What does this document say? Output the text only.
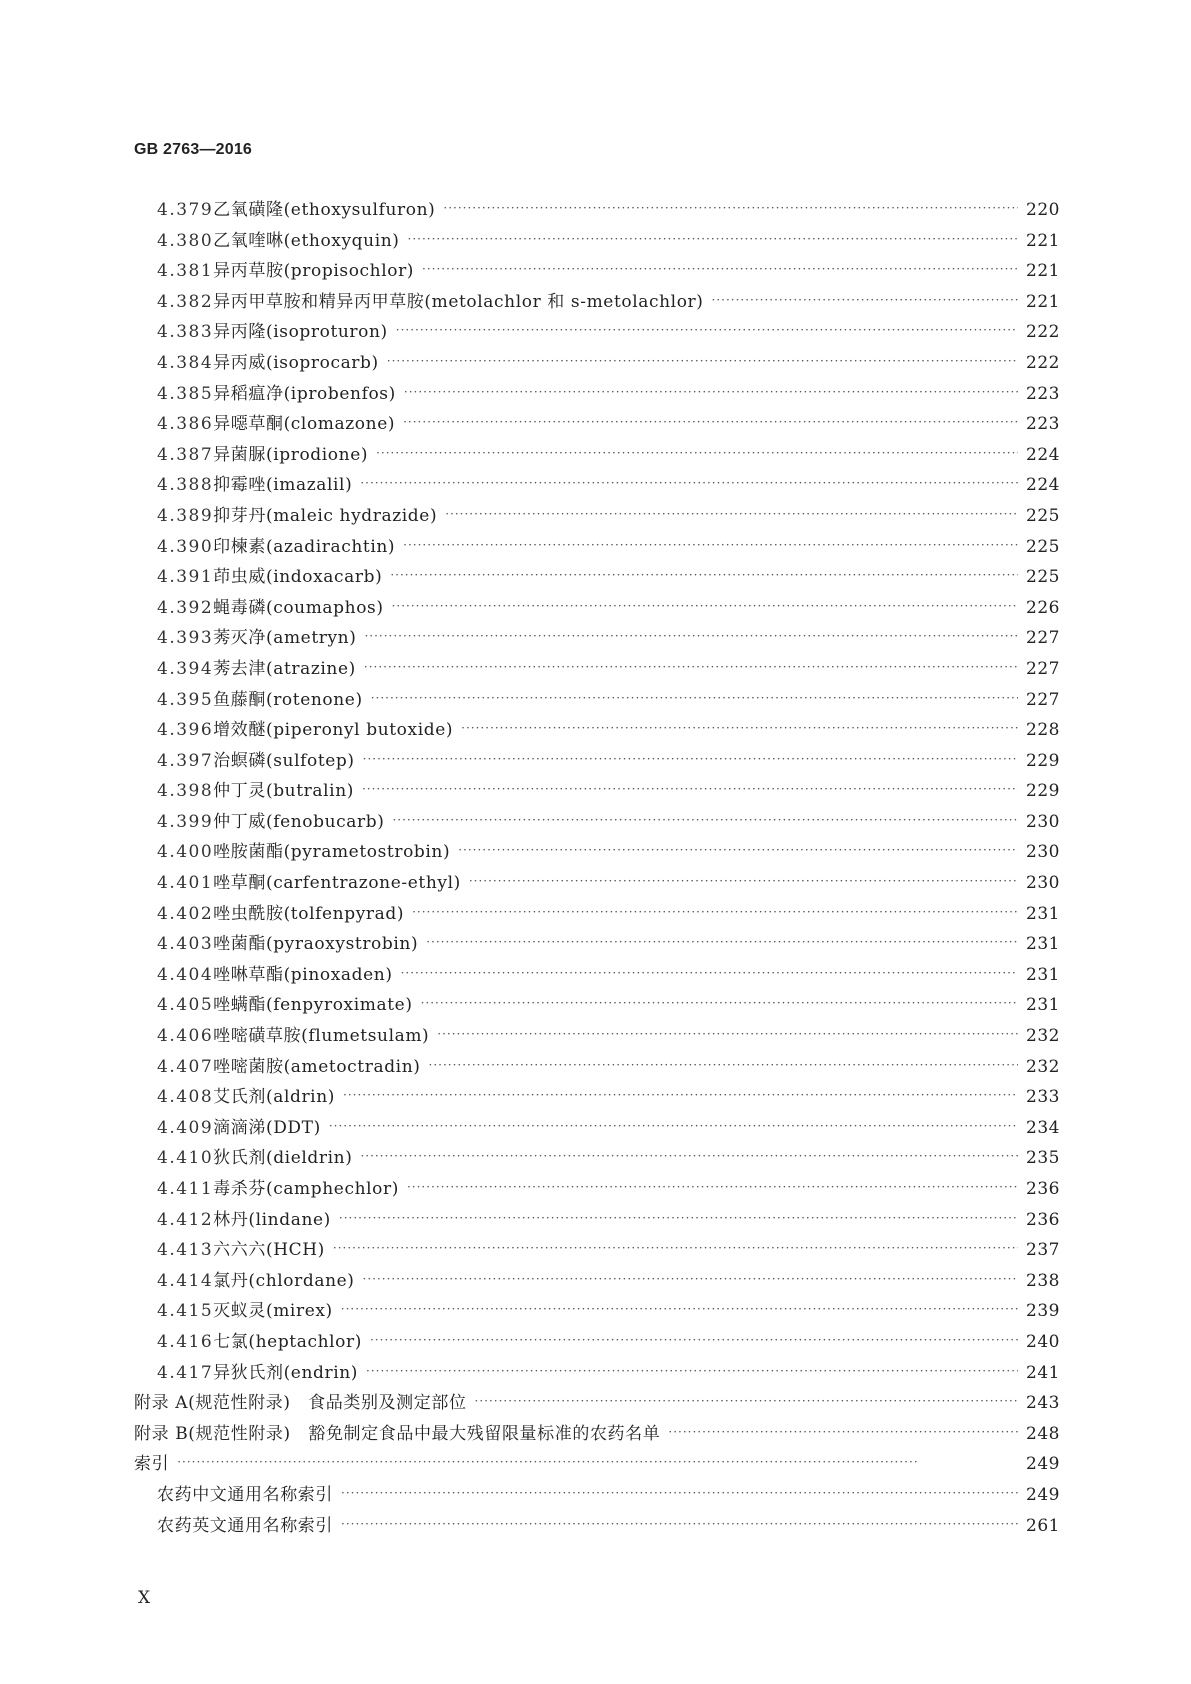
GB 2763—2016
4.379 乙氧磺隆(ethoxysulfuron) ·····	220
4.380 乙氧喹啉(ethoxyquin) ·····	221
4.381 异丙草胺(propisochlor) ·····	221
4.382 异丙甲草胺和精异丙甲草胺(metolachlor 和 s-metolachlor) ·····	221
4.383 异丙隆(isoproturon) ·····	222
4.384 异丙威(isoprocarb) ·····	222
4.385 异稻瘟净(iprobenfos) ·····	223
4.386 异噁草酮(clomazone) ·····	223
4.387 异菌脲(iprodione) ·····	224
4.388 抑霉唑(imazalil) ·····	224
4.389 抑芽丹(maleic hydrazide) ·····	225
4.390 印楝素(azadirachtin) ·····	225
4.391 茚虫威(indoxacarb) ·····	225
4.392 蝇毒磷(coumaphos) ·····	226
4.393 莠灭净(ametryn) ·····	227
4.394 莠去津(atrazine) ·····	227
4.395 鱼藤酮(rotenone) ·····	227
4.396 增效醚(piperonyl butoxide) ·····	228
4.397 治螟磷(sulfotep) ·····	229
4.398 仲丁灵(butralin) ·····	229
4.399 仲丁威(fenobucarb) ·····	230
4.400 唑胺菌酯(pyrametostrobin) ·····	230
4.401 唑草酮(carfentrazone-ethyl) ·····	230
4.402 唑虫酰胺(tolfenpyrad) ·····	231
4.403 唑菌酯(pyraoxystrobin) ·····	231
4.404 唑啉草酯(pinoxaden) ·····	231
4.405 唑螨酯(fenpyroximate) ·····	231
4.406 唑嘧磺草胺(flumetsulam) ·····	232
4.407 唑嘧菌胺(ametoctradin) ·····	232
4.408 艾氏剂(aldrin) ·····	233
4.409 滴滴涕(DDT) ·····	234
4.410 狄氏剂(dieldrin) ·····	235
4.411 毒杀芬(camphechlor) ·····	236
4.412 林丹(lindane) ·····	236
4.413 六六六(HCH) ·····	237
4.414 氯丹(chlordane) ·····	238
4.415 灭蚁灵(mirex) ·····	239
4.416 七氯(heptachlor) ·····	240
4.417 异狄氏剂(endrin) ·····	241
附录 A(规范性附录)　食品类别及测定部位 ·····	243
附录 B(规范性附录)　豁免制定食品中最大残留限量标准的农药名单 ·····	248
索引 ·····	249
农药中文通用名称索引 ·····	249
农药英文通用名称索引 ·····	261
X
